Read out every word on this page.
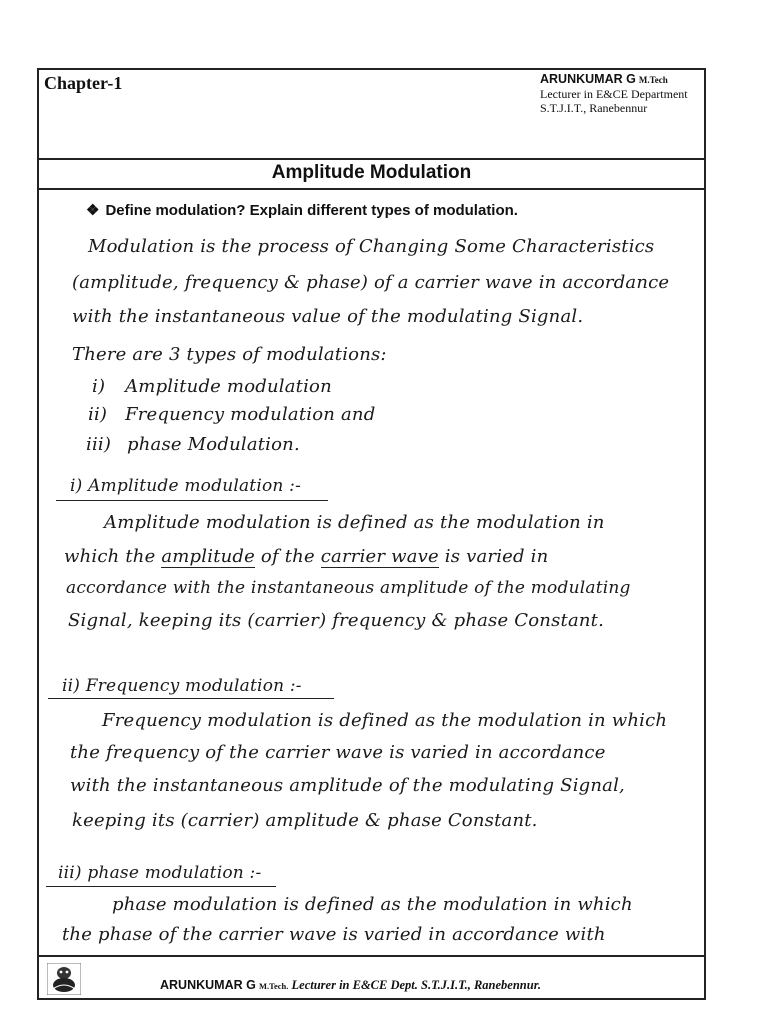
Chapter-1	ARUNKUMAR G M.Tech
Lecturer in E&CE Department
S.T.J.I.T., Ranebennur
Amplitude Modulation
❖ Define modulation? Explain different types of modulation.
Modulation is the process of Changing Some Characteristics
(amplitude, frequency & phase) of a carrier wave in accordance
with the instantaneous value of the modulating Signal.
There are 3 types of modulations:
i) Amplitude modulation
ii) Frequency modulation and
iii) phase Modulation.
i) Amplitude modulation :-
Amplitude modulation is defined as the modulation in
which the amplitude of the carrier wave is varied in
accordance with the instantaneous amplitude of the modulating
Signal, keeping its (carrier) frequency & phase Constant.
ii) Frequency modulation :-
Frequency modulation is defined as the modulation in which
the frequency of the carrier wave is varied in accordance
with the instantaneous amplitude of the modulating Signal,
keeping its (carrier) amplitude & phase Constant.
iii) phase modulation :-
phase modulation is defined as the modulation in which
the phase of the carrier wave is varied in accordance with
ARUNKUMAR G M.Tech. Lecturer in E&CE Dept. S.T.J.I.T., Ranebennur.
